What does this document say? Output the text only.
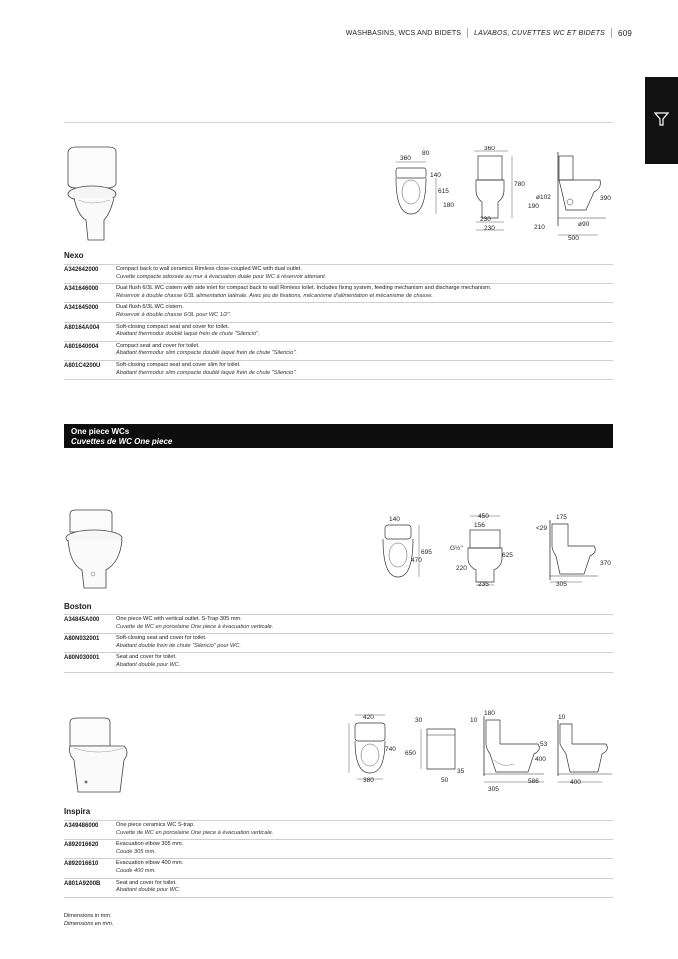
WASHBASINS, WCS AND BIDETS LAVABOS, CUVETTES WC ET BIDETS 609
360
80
140
615
180
360
780
230
230
390
ø102
190
210	ø90
500
Nexo
A342642000	Compact back to wall ceramics Rimless close-coupled WC with dual outlet.
Cuvette compacte adossée au mur à évacuation duale pour WC à réservoir attenant.
A341646000	Dual flush 6/3L WC cistern with side inlet for compact back to wall Rimless toilet. Includes fixing system, feeding mechanism and discharge mechanism.
Réservoir à double chasse 6/3L alimentation latérale. Avec jeu de fixations, mécanisme d'alimentation et mécanisme de chasse.
A341645000	Dual flush 6/3L WC cistern.
Réservoir à double chasse 6/3L pour WC 1/2".
A80164A004	Soft-closing compact seat and cover for toilet.
Abattant thermodur doublé laqué frein de chute "Silencio".
A801640004	Compact seat and cover for toilet.
Abattant thermodur slim compacte doublé laqué frein de chute "Silencio".
A801C4200U	Soft-closing compact seat and cover slim for toilet.
Abattant thermodur slim compacte doublé laqué frein de chute "Silencio".
One piece WCs
Cuvettes de WC One piece
140
695
470
450
156
G½"
625
220
235
175
<29
370
305
Boston
A34845A000	One piece WC with vertical outlet. S-Trap 305 mm.
Cuvette de WC en porcelaine One piece à évacuation verticale.
A80N032001	Soft-closing seat and cover for toilet.
Abattant double frein de chute "Silencio" pour WC.
A80N030001	Seat and cover for toilet.
Abattant double pour WC.
420
740
380
30
650
35
50
10
180
53
400
586
305
10
400
Inspira
A349486000	One piece ceramics WC S-trap.
Cuvette de WC en porcelaine One piece à évacuation verticale.
A892016620	Evacuation elbow 305 mm.
Coude 305 mm.
A892016610	Evacuation elbow 400 mm.
Coude 400 mm.
A801A9200B	Seat and cover for toilet.
Abattant double pour WC.
Dimensions in mm.
Dimensions en mm.
